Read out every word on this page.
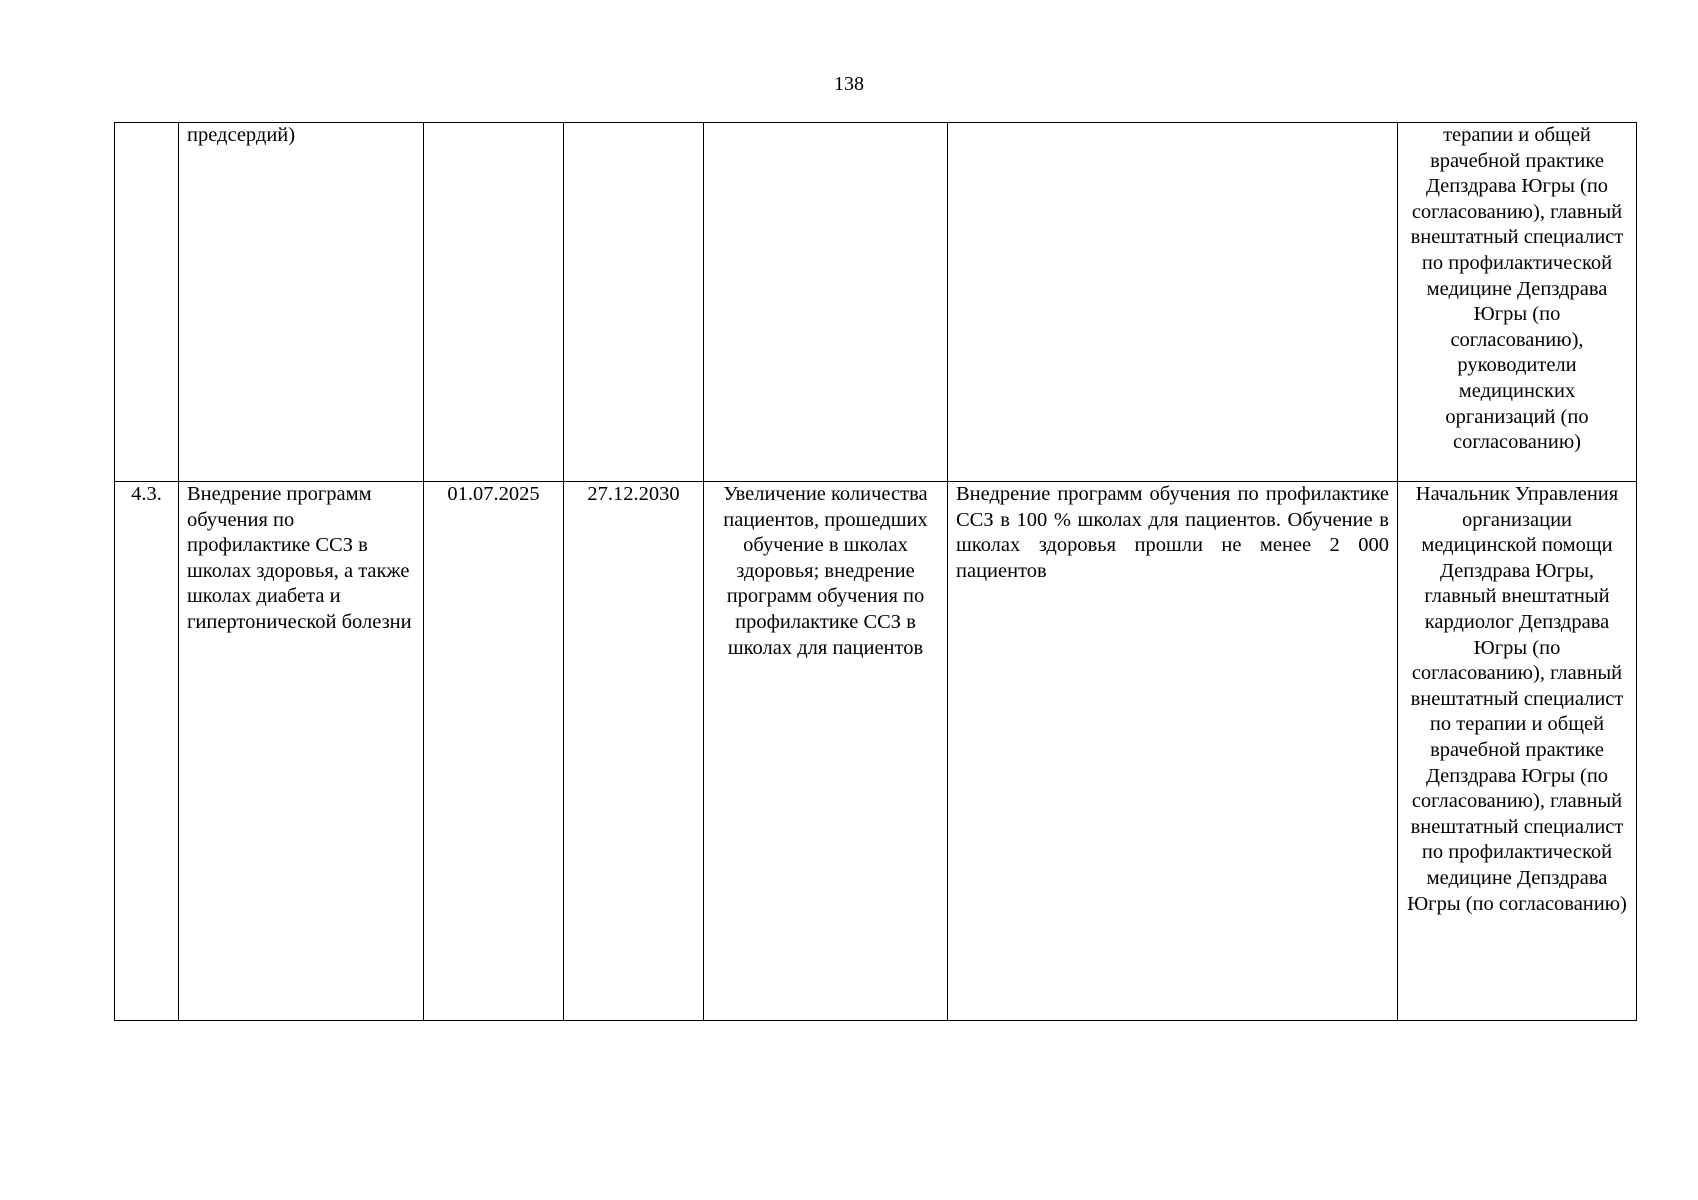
138
	предсердий)					терапии и общей врачебной практике Депздрава Югры (по согласованию), главный внештатный специалист по профилактической медицине Депздрава Югры (по согласованию), руководители медицинских организаций (по согласованию)
4.3.	Внедрение программ обучения по профилактике ССЗ в школах здоровья, а также школах диабета и гипертонической болезни	01.07.2025	27.12.2030	Увеличение количества пациентов, прошедших обучение в школах здоровья; внедрение программ обучения по профилактике ССЗ в школах для пациентов	Внедрение программ обучения по профилактике ССЗ в 100 % школах для пациентов. Обучение в школах здоровья прошли не менее 2 000 пациентов	Начальник Управления организации медицинской помощи Депздрава Югры, главный внештатный кардиолог Депздрава Югры (по согласованию), главный внештатный специалист по терапии и общей врачебной практике Депздрава Югры (по согласованию), главный внештатный специалист по профилактической медицине Депздрава Югры (по согласованию)
